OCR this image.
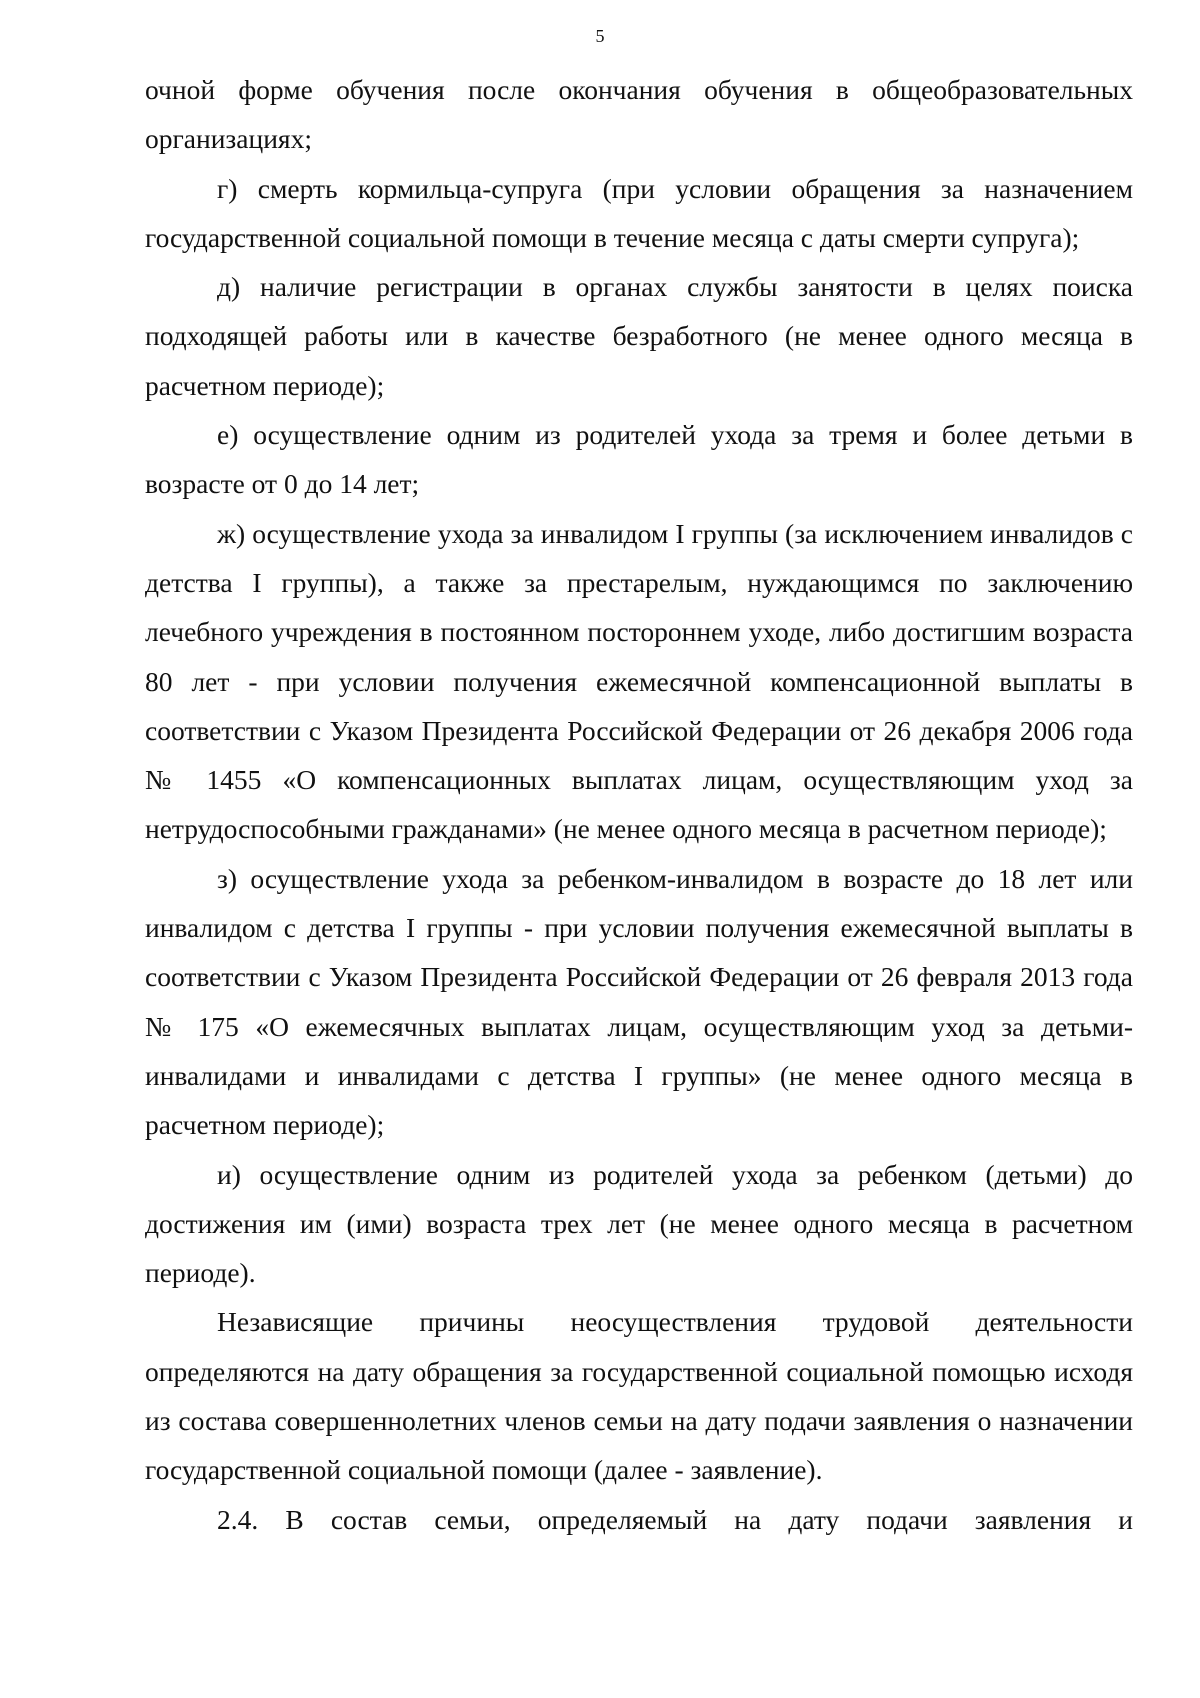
5

очной форме обучения после окончания обучения в общеобразовательных организациях;

г) смерть кормильца-супруга (при условии обращения за назначением государственной социальной помощи в течение месяца с даты смерти супруга);

д) наличие регистрации в органах службы занятости в целях поиска подходящей работы или в качестве безработного (не менее одного месяца в расчетном периоде);

е) осуществление одним из родителей ухода за тремя и более детьми в возрасте от 0 до 14 лет;

ж) осуществление ухода за инвалидом I группы (за исключением инвалидов с детства I группы), а также за престарелым, нуждающимся по заключению лечебного учреждения в постоянном постороннем уходе, либо достигшим возраста 80 лет - при условии получения ежемесячной компенсационной выплаты в соответствии с Указом Президента Российской Федерации от 26 декабря 2006 года № 1455 «О компенсационных выплатах лицам, осуществляющим уход за нетрудоспособными гражданами» (не менее одного месяца в расчетном периоде);

з) осуществление ухода за ребенком-инвалидом в возрасте до 18 лет или инвалидом с детства I группы - при условии получения ежемесячной выплаты в соответствии с Указом Президента Российской Федерации от 26 февраля 2013 года № 175 «О ежемесячных выплатах лицам, осуществляющим уход за детьми-инвалидами и инвалидами с детства I группы» (не менее одного месяца в расчетном периоде);

и) осуществление одним из родителей ухода за ребенком (детьми) до достижения им (ими) возраста трех лет (не менее одного месяца в расчетном периоде).

Независящие причины неосуществления трудовой деятельности определяются на дату обращения за государственной социальной помощью исходя из состава совершеннолетних членов семьи на дату подачи заявления о назначении государственной социальной помощи (далее - заявление).

2.4. В состав семьи, определяемый на дату подачи заявления и
